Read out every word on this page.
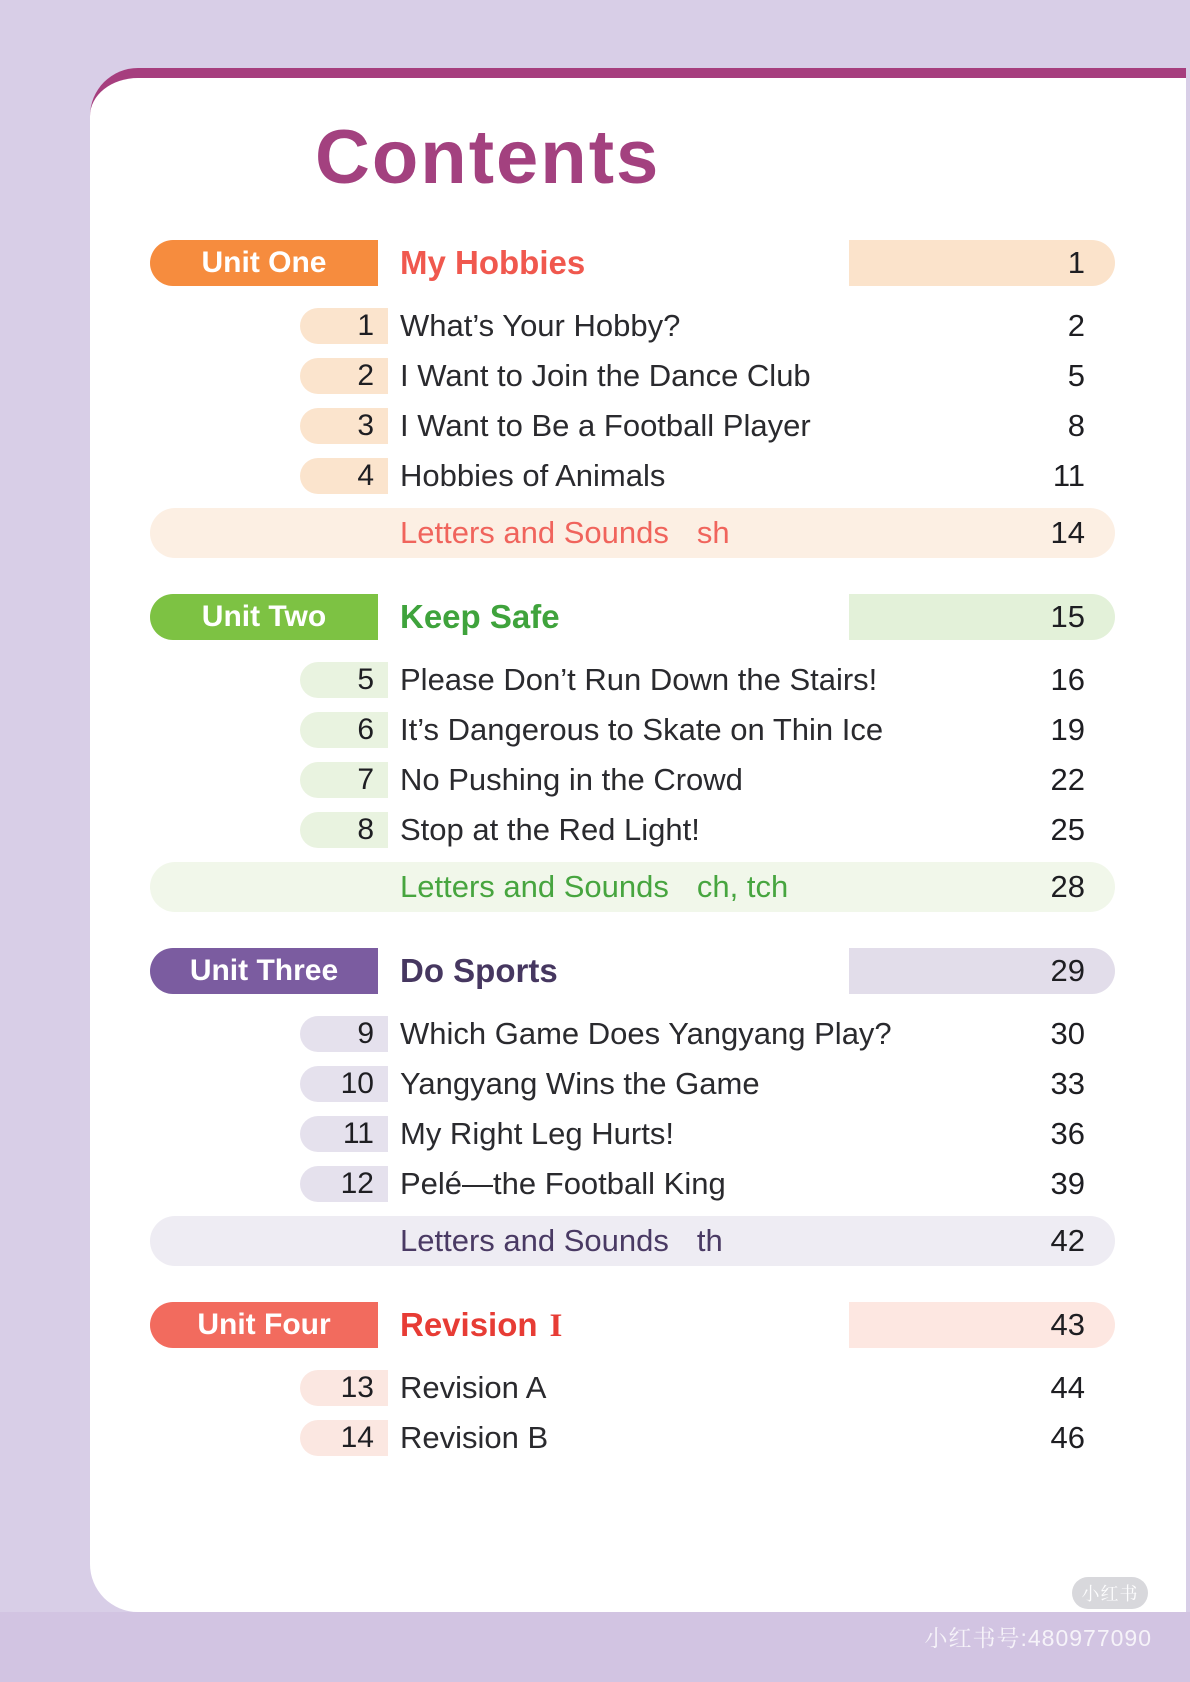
Contents
Unit One My Hobbies	1
1 What’s Your Hobby?	2
2 I Want to Join the Dance Club	5
3 I Want to Be a Football Player	8
4 Hobbies of Animals	11
Letters and Sounds sh	14
Unit Two Keep Safe	15
5 Please Don’t Run Down the Stairs!	16
6 It’s Dangerous to Skate on Thin Ice	19
7 No Pushing in the Crowd	22
8 Stop at the Red Light!	25
Letters and Sounds ch, tch	28
Unit Three Do Sports	29
9 Which Game Does Yangyang Play?	30
10 Yangyang Wins the Game	33
11 My Right Leg Hurts!	36
12 Pelé—the Football King	39
Letters and Sounds th	42
Unit Four Revision I	43
13 Revision A	44
14 Revision B	46
小红书
小红书号:480977090
